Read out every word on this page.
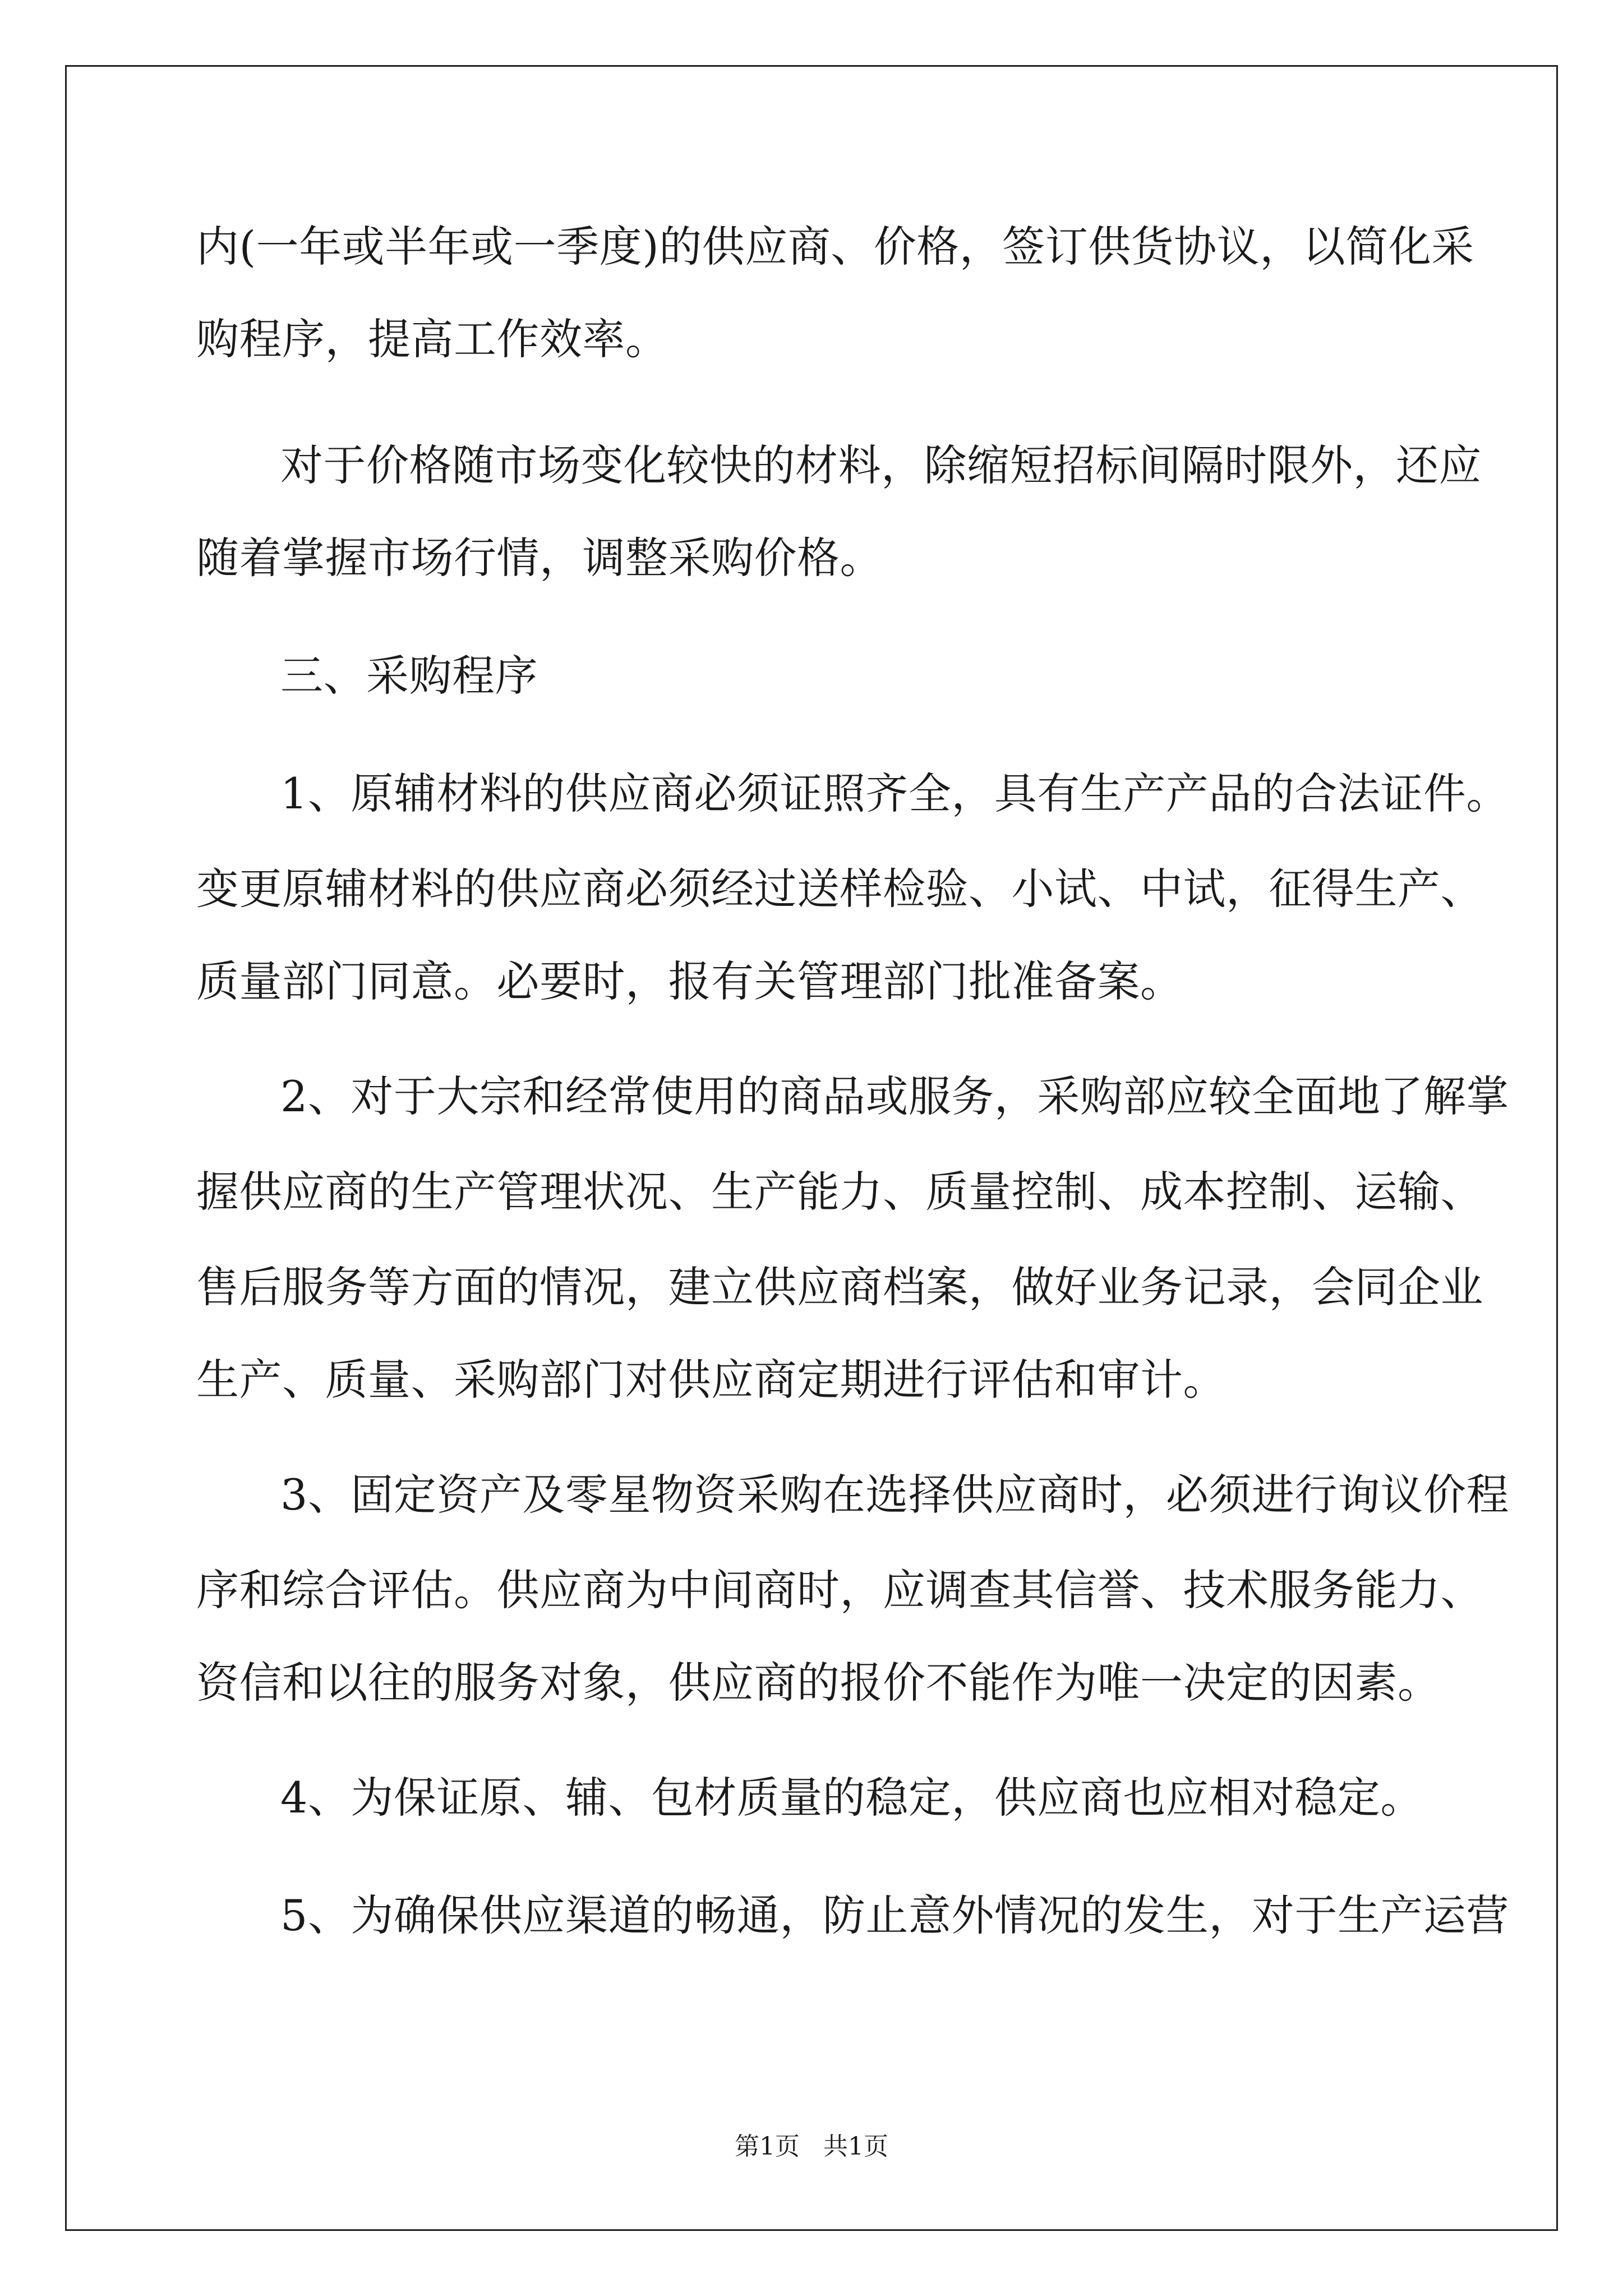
内(一年或半年或一季度)的供应商、价格，签订供货协议，以简化采
购程序，提高工作效率。
对于价格随市场变化较快的材料，除缩短招标间隔时限外，还应
随着掌握市场行情，调整采购价格。
三、采购程序
1、原辅材料的供应商必须证照齐全，具有生产产品的合法证件。
变更原辅材料的供应商必须经过送样检验、小试、中试，征得生产、
质量部门同意。必要时，报有关管理部门批准备案。
2、对于大宗和经常使用的商品或服务，采购部应较全面地了解掌
握供应商的生产管理状况、生产能力、质量控制、成本控制、运输、
售后服务等方面的情况，建立供应商档案，做好业务记录，会同企业
生产、质量、采购部门对供应商定期进行评估和审计。
3、固定资产及零星物资采购在选择供应商时，必须进行询议价程
序和综合评估。供应商为中间商时，应调查其信誉、技术服务能力、
资信和以往的服务对象，供应商的报价不能作为唯一决定的因素。
4、为保证原、辅、包材质量的稳定，供应商也应相对稳定。
5、为确保供应渠道的畅通，防止意外情况的发生，对于生产运营
第1页   共1页
